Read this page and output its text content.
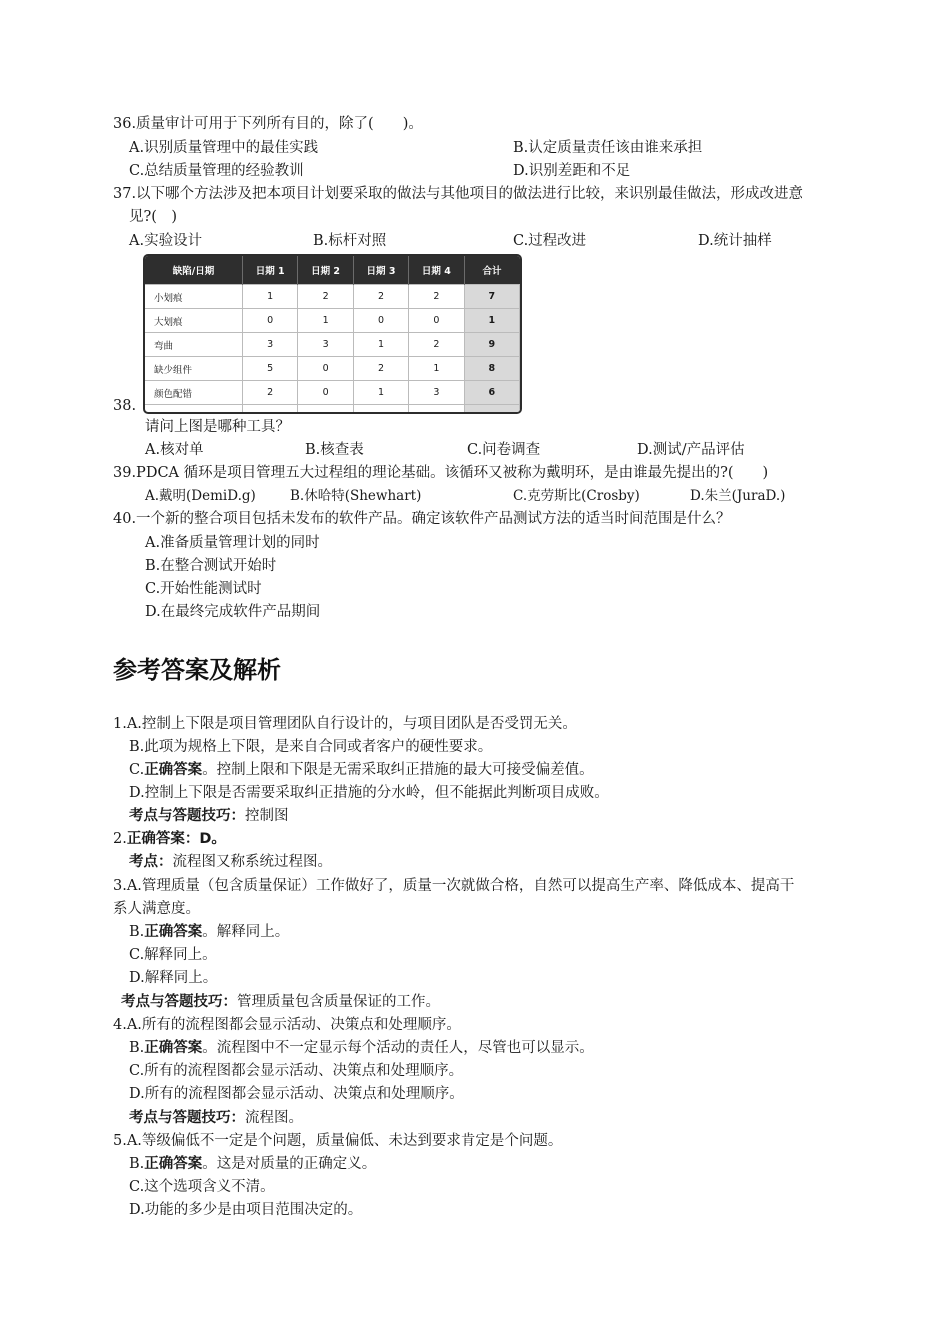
36.质量审计可用于下列所有目的，除了(　　)。
A.识别质量管理中的最佳实践	B.认定质量责任该由谁来承担
C.总结质量管理的经验教训	D.识别差距和不足
37.以下哪个方法涉及把本项目计划要采取的做法与其他项目的做法进行比较，来识别最佳做法，形成改进意
见?(　)
A.实验设计	B.标杆对照	C.过程改进	D.统计抽样
缺陷/日期	日期 1	日期 2	日期 3	日期 4	合计
小划痕	1	2	2	2	7
大划痕	0	1	0	0	1
弯曲	3	3	1	2	9
缺少组件	5	0	2	1	8
颜色配错	2	0	1	3	6

38.
请问上图是哪种工具？
A.核对单	B.核查表	C.问卷调查	D.测试/产品评估
39.PDCA 循环是项目管理五大过程组的理论基础。该循环又被称为戴明环，是由谁最先提出的?(　　)
A.戴明(DemiD.g)	B.休哈特(Shewhart)	C.克劳斯比(Crosby)	D.朱兰(JuraD.)
40.一个新的整合项目包括未发布的软件产品。确定该软件产品测试方法的适当时间范围是什么？
A.准备质量管理计划的同时
B.在整合测试开始时
C.开始性能测试时
D.在最终完成软件产品期间
参考答案及解析
1.A.控制上下限是项目管理团队自行设计的，与项目团队是否受罚无关。
B.此项为规格上下限，是来自合同或者客户的硬性要求。
C.正确答案。控制上限和下限是无需采取纠正措施的最大可接受偏差值。
D.控制上下限是否需要采取纠正措施的分水岭，但不能据此判断项目成败。
考点与答题技巧：控制图
2.正确答案：D。
考点：流程图又称系统过程图。
3.A.管理质量（包含质量保证）工作做好了，质量一次就做合格，自然可以提高生产率、降低成本、提高干
系人满意度。
B.正确答案。解释同上。
C.解释同上。
D.解释同上。
考点与答题技巧：管理质量包含质量保证的工作。
4.A.所有的流程图都会显示活动、决策点和处理顺序。
B.正确答案。流程图中不一定显示每个活动的责任人，尽管也可以显示。
C.所有的流程图都会显示活动、决策点和处理顺序。
D.所有的流程图都会显示活动、决策点和处理顺序。
考点与答题技巧：流程图。
5.A.等级偏低不一定是个问题，质量偏低、未达到要求肯定是个问题。
B.正确答案。这是对质量的正确定义。
C.这个选项含义不清。
D.功能的多少是由项目范围决定的。
